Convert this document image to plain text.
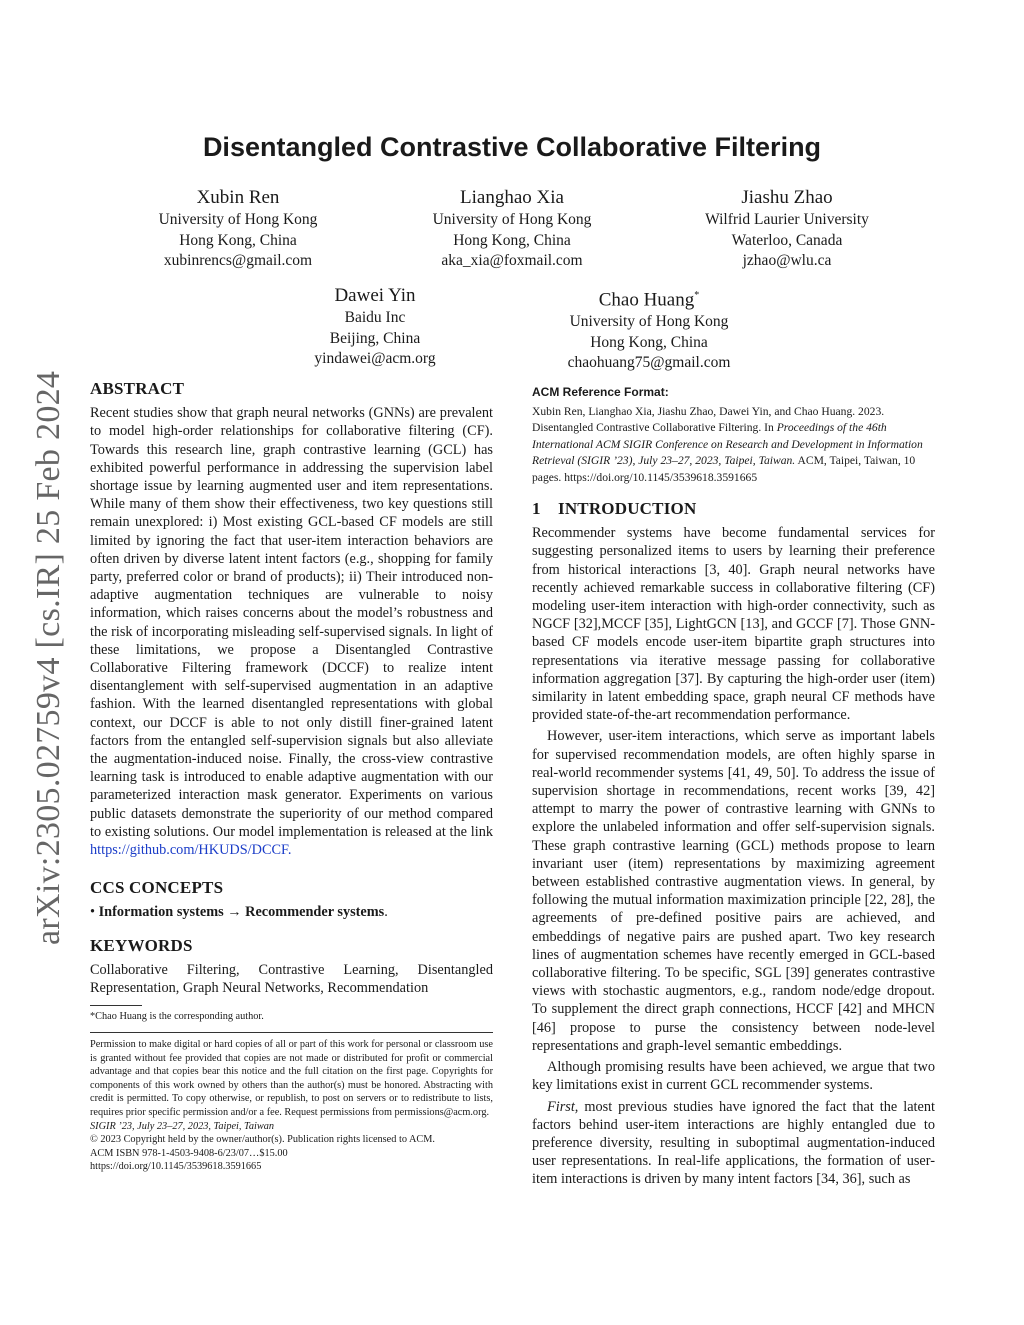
arXiv:2305.02759v4 [cs.IR] 25 Feb 2024
Disentangled Contrastive Collaborative Filtering
Xubin Ren
University of Hong Kong
Hong Kong, China
xubinrencs@gmail.com
Lianghao Xia
University of Hong Kong
Hong Kong, China
aka_xia@foxmail.com
Jiashu Zhao
Wilfrid Laurier University
Waterloo, Canada
jzhao@wlu.ca
Dawei Yin
Baidu Inc
Beijing, China
yindawei@acm.org
Chao Huang*
University of Hong Kong
Hong Kong, China
chaohuang75@gmail.com
ABSTRACT

Recent studies show that graph neural networks (GNNs) are prevalent to model high-order relationships for collaborative filtering (CF). Towards this research line, graph contrastive learning (GCL) has exhibited powerful performance in addressing the supervision label shortage issue by learning augmented user and item representations. While many of them show their effectiveness, two key questions still remain unexplored: i) Most existing GCL-based CF models are still limited by ignoring the fact that user-item interaction behaviors are often driven by diverse latent intent factors (e.g., shopping for family party, preferred color or brand of products); ii) Their introduced non-adaptive augmentation techniques are vulnerable to noisy information, which raises concerns about the model’s robustness and the risk of incorporating misleading self-supervised signals. In light of these limitations, we propose a Disentangled Contrastive Collaborative Filtering framework (DCCF) to realize intent disentanglement with self-supervised augmentation in an adaptive fashion. With the learned disentangled representations with global context, our DCCF is able to not only distill finer-grained latent factors from the entangled self-supervision signals but also alleviate the augmentation-induced noise. Finally, the cross-view contrastive learning task is introduced to enable adaptive augmentation with our parameterized interaction mask generator. Experiments on various public datasets demonstrate the superiority of our method compared to existing solutions. Our model implementation is released at the link https://github.com/HKUDS/DCCF.

CCS CONCEPTS

• Information systems → Recommender systems.

KEYWORDS

Collaborative Filtering, Contrastive Learning, Disentangled Representation, Graph Neural Networks, Recommendation

*Chao Huang is the corresponding author.

Permission to make digital or hard copies of all or part of this work for personal or classroom use is granted without fee provided that copies are not made or distributed for profit or commercial advantage and that copies bear this notice and the full citation on the first page. Copyrights for components of this work owned by others than the author(s) must be honored. Abstracting with credit is permitted. To copy otherwise, or republish, to post on servers or to redistribute to lists, requires prior specific permission and/or a fee. Request permissions from permissions@acm.org.

SIGIR ’23, July 23–27, 2023, Taipei, Taiwan

© 2023 Copyright held by the owner/author(s). Publication rights licensed to ACM.

ACM ISBN 978-1-4503-9408-6/23/07…$15.00

https://doi.org/10.1145/3539618.3591665

ACM Reference Format:

Xubin Ren, Lianghao Xia, Jiashu Zhao, Dawei Yin, and Chao Huang. 2023. Disentangled Contrastive Collaborative Filtering. In Proceedings of the 46th International ACM SIGIR Conference on Research and Development in Information Retrieval (SIGIR ’23), July 23–27, 2023, Taipei, Taiwan. ACM, Taipei, Taiwan, 10 pages. https://doi.org/10.1145/3539618.3591665

1 INTRODUCTION

Recommender systems have become fundamental services for suggesting personalized items to users by learning their preference from historical interactions [3, 40]. Graph neural networks have recently achieved remarkable success in collaborative filtering (CF) modeling user-item interaction with high-order connectivity, such as NGCF [32],MCCF [35], LightGCN [13], and GCCF [7]. Those GNN-based CF models encode user-item bipartite graph structures into representations via iterative message passing for collaborative information aggregation [37]. By capturing the high-order user (item) similarity in latent embedding space, graph neural CF methods have provided state-of-the-art recommendation performance.

However, user-item interactions, which serve as important labels for supervised recommendation models, are often highly sparse in real-world recommender systems [41, 49, 50]. To address the issue of supervision shortage in recommendations, recent works [39, 42] attempt to marry the power of contrastive learning with GNNs to explore the unlabeled information and offer self-supervision signals. These graph contrastive learning (GCL) methods propose to learn invariant user (item) representations by maximizing agreement between established contrastive augmentation views. In general, by following the mutual information maximization principle [22, 28], the agreements of pre-defined positive pairs are achieved, and embeddings of negative pairs are pushed apart. Two key research lines of augmentation schemes have recently emerged in GCL-based collaborative filtering. To be specific, SGL [39] generates contrastive views with stochastic augmentors, e.g., random node/edge dropout. To supplement the direct graph connections, HCCF [42] and MHCN [46] propose to purse the consistency between node-level representations and graph-level semantic embeddings.

Although promising results have been achieved, we argue that two key limitations exist in current GCL recommender systems.

First, most previous studies have ignored the fact that the latent factors behind user-item interactions are highly entangled due to preference diversity, resulting in suboptimal augmentation-induced user representations. In real-life applications, the formation of user-item interactions is driven by many intent factors [34, 36], such as
